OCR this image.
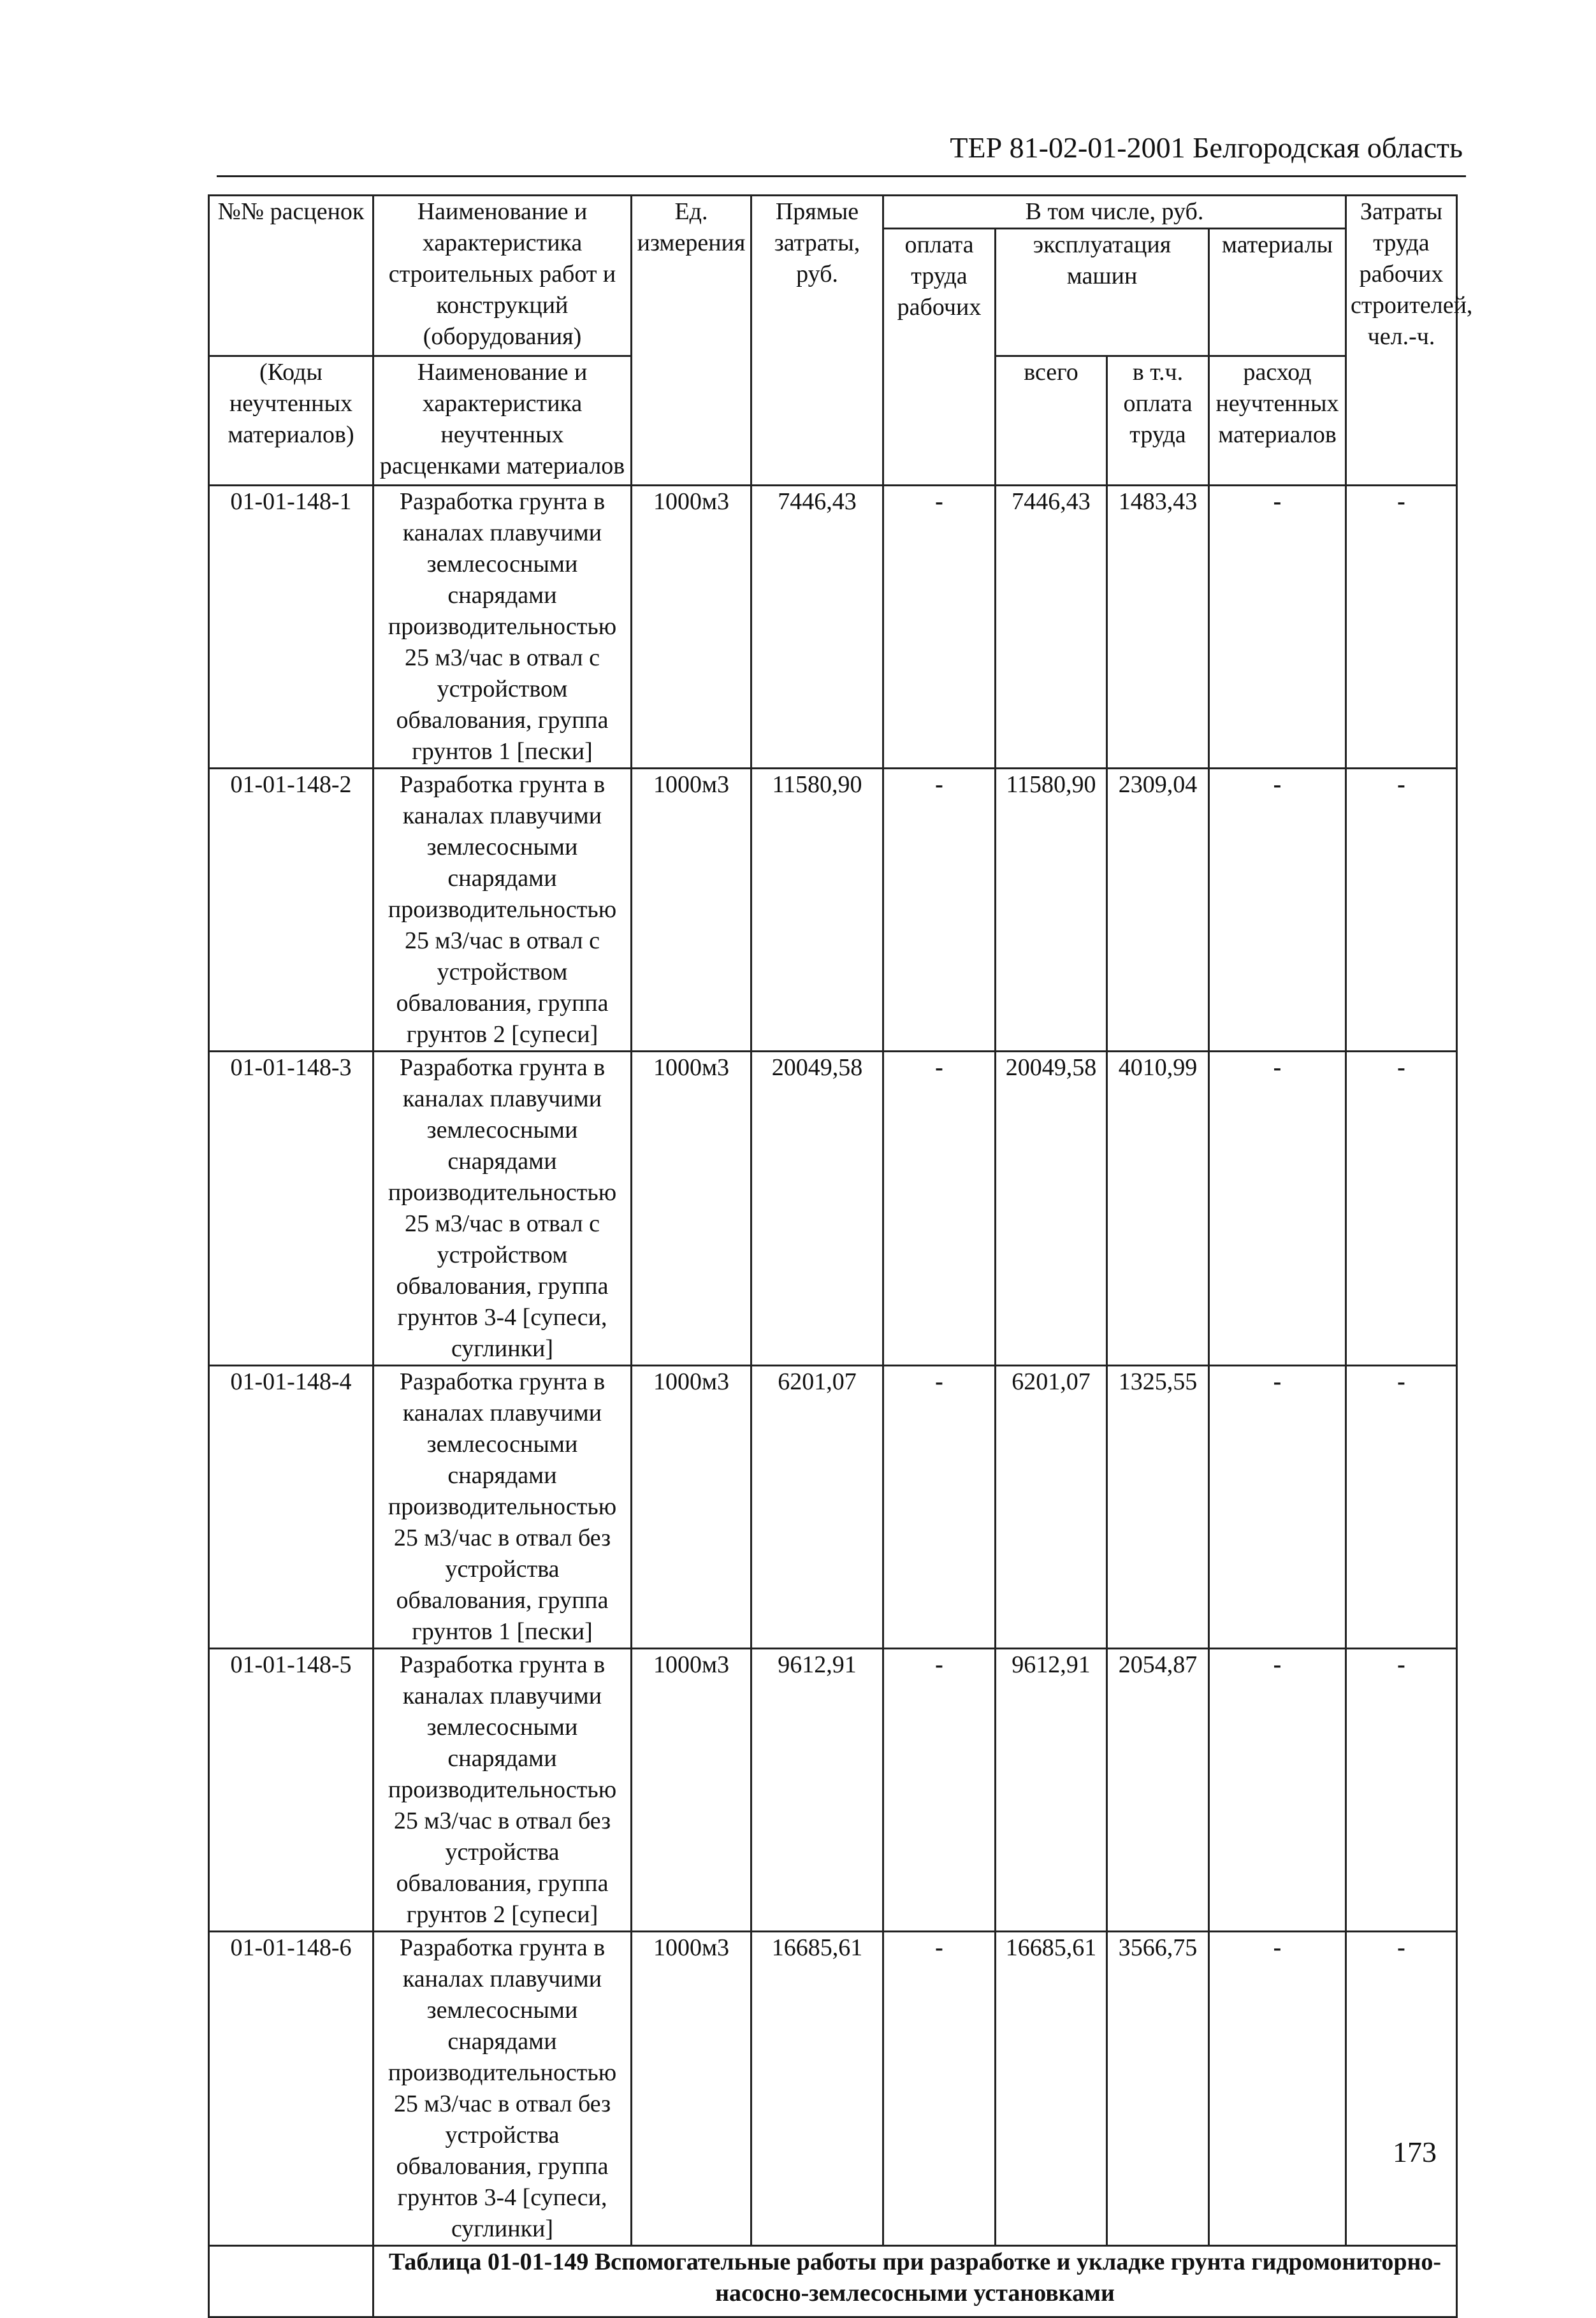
ТЕР 81-02-01-2001 Белгородская область
№№ расценок	Наименование и характеристика строительных работ и конструкций (оборудования)	Ед. измерения	Прямые затраты, руб.	В том числе, руб.				Затраты труда рабочих строителей, чел.-ч.
				оплата труда рабочих	эксплуатация машин		материалы	
(Коды неучтенных материалов)	Наименование и характеристика неучтенных расценками материалов				всего	в т.ч. оплата труда	расход неучтенных материалов	

01-01-148-1	Разработка грунта в каналах плавучими землесосными снарядами производительностью 25 м3/час в отвал с устройством обвалования, группа грунтов 1 [пески]	1000м3	7446,43	-	7446,43	1483,43	-	-
01-01-148-2	Разработка грунта в каналах плавучими землесосными снарядами производительностью 25 м3/час в отвал с устройством обвалования, группа грунтов 2 [супеси]	1000м3	11580,90	-	11580,90	2309,04	-	-
01-01-148-3	Разработка грунта в каналах плавучими землесосными снарядами производительностью 25 м3/час в отвал с устройством обвалования, группа грунтов 3-4 [супеси, суглинки]	1000м3	20049,58	-	20049,58	4010,99	-	-
01-01-148-4	Разработка грунта в каналах плавучими землесосными снарядами производительностью 25 м3/час в отвал без устройства обвалования, группа грунтов 1 [пески]	1000м3	6201,07	-	6201,07	1325,55	-	-
01-01-148-5	Разработка грунта в каналах плавучими землесосными снарядами производительностью 25 м3/час в отвал без устройства обвалования, группа грунтов 2 [супеси]	1000м3	9612,91	-	9612,91	2054,87	-	-
01-01-148-6	Разработка грунта в каналах плавучими землесосными снарядами производительностью 25 м3/час в отвал без устройства обвалования, группа грунтов 3-4 [супеси, суглинки]	1000м3	16685,61	-	16685,61	3566,75	-	-
	Таблица 01-01-149 Вспомогательные работы при разработке и укладке грунта гидромониторно-насосно-землесосными установками							
173
